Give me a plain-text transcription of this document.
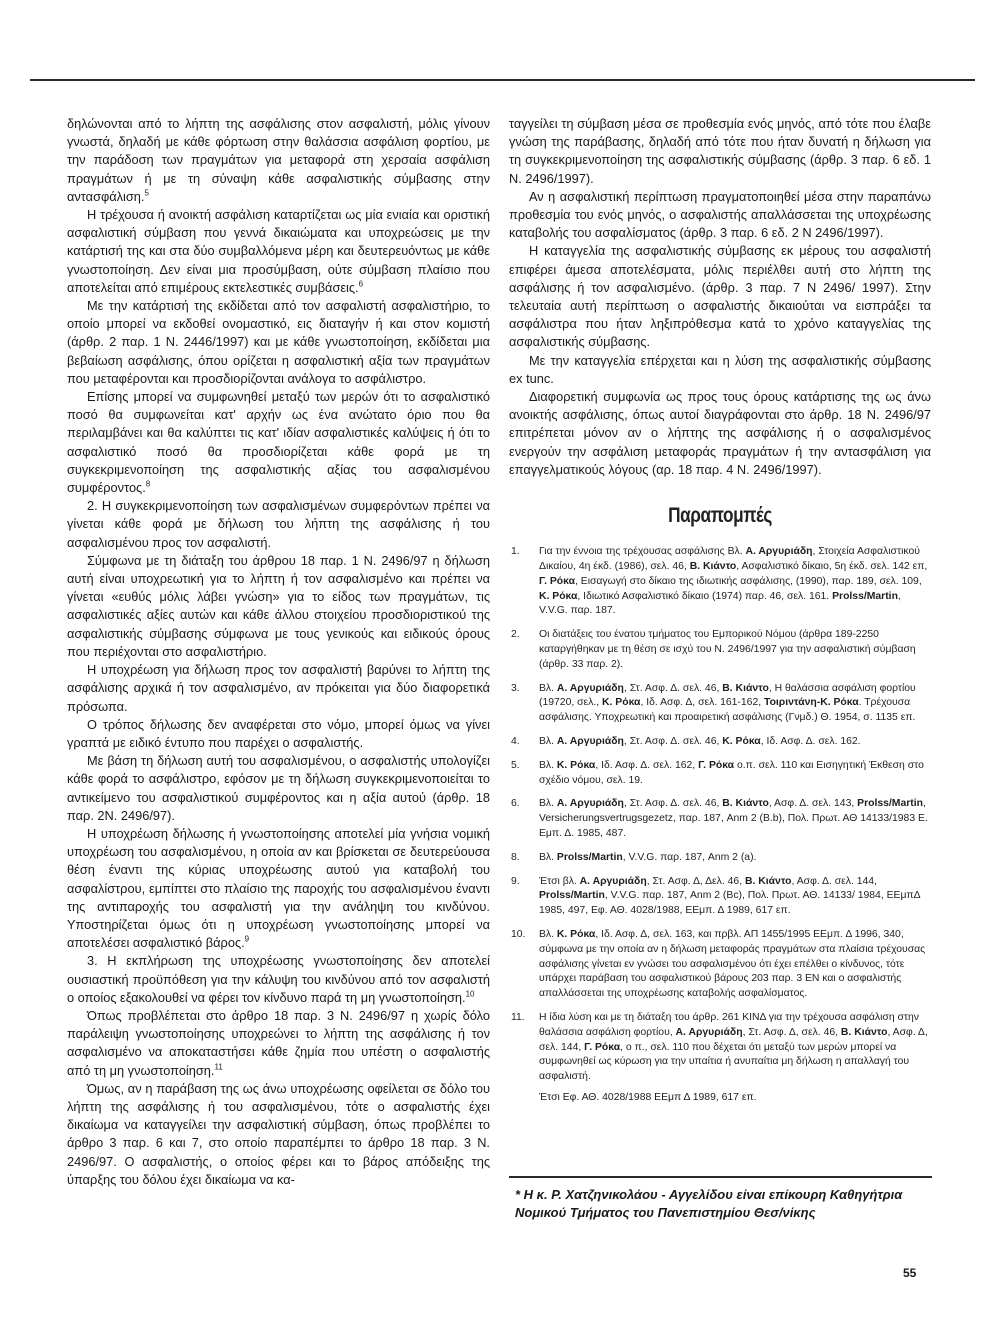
δηλώνονται από το λήπτη της ασφάλισης στον ασφαλιστή, μόλις γίνουν γνωστά, δηλαδή με κάθε φόρτωση στην θαλάσσια ασφάλιση φορτίου, με την παράδοση των πραγμάτων για μεταφορά στη χερσαία ασφάλιση πραγμάτων ή με τη σύναψη κάθε ασφαλιστικής σύμβασης στην αντασφάλιση.$^5$

Η τρέχουσα ή ανοικτή ασφάλιση καταρτίζεται ως μία ενιαία και οριστική ασφαλιστική σύμβαση που γεννά δικαιώματα και υποχρεώσεις με την κατάρτισή της και στα δύο συμβαλλόμενα μέρη και δευτερευόντως με κάθε γνωστοποίηση. Δεν είναι μια προσύμβαση, ούτε σύμβαση πλαίσιο που αποτελείται από επιμέρους εκτελεστικές συμβάσεις.$^6$

Με την κατάρτισή της εκδίδεται από τον ασφαλιστή ασφαλιστήριο, το οποίο μπορεί να εκδοθεί ονομαστικό, εις διαταγήν ή και στον κομιστή (άρθρ. 2 παρ. 1 Ν. 2446/1997) και με κάθε γνωστοποίηση, εκδίδεται μια βεβαίωση ασφάλισης, όπου ορίζεται η ασφαλιστική αξία των πραγμάτων που μεταφέρονται και προσδιορίζονται ανάλογα το ασφάλιστρο.

Επίσης μπορεί να συμφωνηθεί μεταξύ των μερών ότι το ασφαλιστικό ποσό θα συμφωνείται κατ' αρχήν ως ένα ανώτατο όριο που θα περιλαμβάνει και θα καλύπτει τις κατ' ιδίαν ασφαλιστικές καλύψεις ή ότι το ασφαλιστικό ποσό θα προσδιορίζεται κάθε φορά με τη συγκεκριμενοποίηση της ασφαλιστικής αξίας του ασφαλισμένου συμφέροντος.$^8$

2. Η συγκεκριμενοποίηση των ασφαλισμένων συμφερόντων πρέπει να γίνεται κάθε φορά με δήλωση του λήπτη της ασφάλισης ή του ασφαλισμένου προς τον ασφαλιστή.

Σύμφωνα με τη διάταξη του άρθρου 18 παρ. 1 Ν. 2496/97 η δήλωση αυτή είναι υποχρεωτική για το λήπτη ή τον ασφαλισμένο και πρέπει να γίνεται «ευθύς μόλις λάβει γνώση» για το είδος των πραγμάτων, τις ασφαλιστικές αξίες αυτών και κάθε άλλου στοιχείου προσδιοριστικού της ασφαλιστικής σύμβασης σύμφωνα με τους γενικούς και ειδικούς όρους που περιέχονται στο ασφαλιστήριο.

Η υποχρέωση για δήλωση προς τον ασφαλιστή βαρύνει το λήπτη της ασφάλισης αρχικά ή τον ασφαλισμένο, αν πρόκειται για δύο διαφορετικά πρόσωπα.

Ο τρόπος δήλωσης δεν αναφέρεται στο νόμο, μπορεί όμως να γίνει γραπτά με ειδικό έντυπο που παρέχει ο ασφαλιστής.

Με βάση τη δήλωση αυτή του ασφαλισμένου, ο ασφαλιστής υπολογίζει κάθε φορά το ασφάλιστρο, εφόσον με τη δήλωση συγκεκριμενοποιείται το αντικείμενο του ασφαλιστικού συμφέροντος και η αξία αυτού (άρθρ. 18 παρ. 2Ν. 2496/97).

Η υποχρέωση δήλωσης ή γνωστοποίησης αποτελεί μία γνήσια νομική υποχρέωση του ασφαλισμένου, η οποία αν και βρίσκεται σε δευτερεύουσα θέση έναντι της κύριας υποχρέωσης αυτού για καταβολή του ασφαλίστρου, εμπίπτει στο πλαίσιο της παροχής του ασφαλισμένου έναντι της αντιπαροχής του ασφαλιστή για την ανάληψη του κινδύνου. Υποστηρίζεται όμως ότι η υποχρέωση γνωστοποίησης μπορεί να αποτελέσει ασφαλιστικό βάρος.$^9$

3. Η εκπλήρωση της υποχρέωσης γνωστοποίησης δεν αποτελεί ουσιαστική προϋπόθεση για την κάλυψη του κινδύνου από τον ασφαλιστή ο οποίος εξακολουθεί να φέρει τον κίνδυνο παρά τη μη γνωστοποίηση.$^{10}$

Όπως προβλέπεται στο άρθρο 18 παρ. 3 Ν. 2496/97 η χωρίς δόλο παράλειψη γνωστοποίησης υποχρεώνει το λήπτη της ασφάλισης ή τον ασφαλισμένο να αποκαταστήσει κάθε ζημία που υπέστη ο ασφαλιστής από τη μη γνωστοποίηση.$^{11}$

Όμως, αν η παράβαση της ως άνω υποχρέωσης οφείλεται σε δόλο του λήπτη της ασφάλισης ή του ασφαλισμένου, τότε ο ασφαλιστής έχει δικαίωμα να καταγγείλει την ασφαλιστική σύμβαση, όπως προβλέπει το άρθρο 3 παρ. 6 και 7, στο οποίο παραπέμπει το άρθρο 18 παρ. 3 Ν. 2496/97. Ο ασφαλιστής, ο οποίος φέρει και το βάρος απόδειξης της ύπαρξης του δόλου έχει δικαίωμα να κα-

ταγγείλει τη σύμβαση μέσα σε προθεσμία ενός μηνός, από τότε που έλαβε γνώση της παράβασης, δηλαδή από τότε που ήταν δυνατή η δήλωση για τη συγκεκριμενοποίηση της ασφαλιστικής σύμβασης (άρθρ. 3 παρ. 6 εδ. 1 Ν. 2496/1997).

Αν η ασφαλιστική περίπτωση πραγματοποιηθεί μέσα στην παραπάνω προθεσμία του ενός μηνός, ο ασφαλιστής απαλλάσσεται της υποχρέωσης καταβολής του ασφαλίσματος (άρθρ. 3 παρ. 6 εδ. 2 Ν 2496/1997).

Η καταγγελία της ασφαλιστικής σύμβασης εκ μέρους του ασφαλιστή επιφέρει άμεσα αποτελέσματα, μόλις περιέλθει αυτή στο λήπτη της ασφάλισης ή τον ασφαλισμένο. (άρθρ. 3 παρ. 7 Ν 2496/ 1997). Στην τελευταία αυτή περίπτωση ο ασφαλιστής δικαιούται να εισπράξει τα ασφάλιστρα που ήταν ληξιπρόθεσμα κατά το χρόνο καταγγελίας της ασφαλιστικής σύμβασης.

Με την καταγγελία επέρχεται και η λύση της ασφαλιστικής σύμβασης ex tunc.

Διαφορετική συμφωνία ως προς τους όρους κατάρτισης της ως άνω ανοικτής ασφάλισης, όπως αυτοί διαγράφονται στο άρθρ. 18 Ν. 2496/97 επιτρέπεται μόνον αν ο λήπτης της ασφάλισης ή ο ασφαλισμένος ενεργούν την ασφάλιση μεταφοράς πραγμάτων ή την αντασφάλιση για επαγγελματικούς λόγους (αρ. 18 παρ. 4 Ν. 2496/1997).

Παραπομπές
1.	Για την έννοια της τρέχουσας ασφάλισης Βλ. Α. Αργυριάδη, Στοιχεία Ασφαλιστικού Δικαίου, 4η έκδ. (1986), σελ. 46, Β. Κιάντο, Ασφαλιστικό δίκαιο, 5η έκδ. σελ. 142 επ, Γ. Ρόκα, Εισαγωγή στο δίκαιο της ιδιωτικής ασφάλισης, (1990), παρ. 189, σελ. 109, Κ. Ρόκα, Ιδιωτικό Ασφαλιστικό δίκαιο (1974) παρ. 46, σελ. 161. Prolss/Martin, V.V.G. παρ. 187.
2.	Οι διατάξεις του ένατου τμήματος του Εμπορικού Νόμου (άρθρα 189-2250 καταργήθηκαν με τη θέση σε ισχύ του Ν. 2496/1997 για την ασφαλιστική σύμβαση (άρθρ. 33 παρ. 2).
3.	Βλ. Α. Αργυριάδη, Στ. Ασφ. Δ. σελ. 46, Β. Κιάντο, Η θαλάσσια ασφάλιση φορτίου (19720, σελ., Κ. Ρόκα, Ιδ. Ασφ. Δ, σελ. 161-162, Τοιριντάνη-Κ. Ρόκα. Τρέχουσα ασφάλισης. Υποχρεωτική και προαιρετική ασφάλισης (Γνμδ.) Θ. 1954, σ. 1135 επ.
4.	Βλ. Α. Αργυριάδη, Στ. Ασφ. Δ. σελ. 46, Κ. Ρόκα, Ιδ. Ασφ. Δ. σελ. 162.
5.	Βλ. Κ. Ρόκα, Ιδ. Ασφ. Δ. σελ. 162, Γ. Ρόκα ο.π. σελ. 110 και Εισηγητική Έκθεση στο σχέδιο νόμου, σελ. 19.
6.	Βλ. Α. Αργυριάδη, Στ. Ασφ. Δ. σελ. 46, Β. Κιάντο, Ασφ. Δ. σελ. 143, Prolss/Martin, Versicherungsvertrugsgezetz, παρ. 187, Anm 2 (B.b), Πολ. Πρωτ. ΑΘ 14133/1983 Ε. Εμπ. Δ. 1985, 487.
8.	Βλ. Prolss/Martin, V.V.G. παρ. 187, Anm 2 (a).
9.	Έτσι βλ. Α. Αργυριάδη, Στ. Ασφ. Δ, Δελ. 46, Β. Κιάντο, Ασφ. Δ. σελ. 144, Prolss/Martin, V.V.G. παρ. 187, Anm 2 (Bc), Πολ. Πρωτ. ΑΘ. 14133/ 1984, ΕΕμπΔ 1985, 497, Εφ. ΑΘ. 4028/1988, ΕΕμπ. Δ 1989, 617 επ.
10.	Βλ. Κ. Ρόκα, Ιδ. Ασφ. Δ, σελ. 163, και πρβλ. ΑΠ 1455/1995 ΕΕμπ. Δ 1996, 340, σύμφωνα με την οποία αν η δήλωση μεταφοράς πραγμάτων στα πλαίσια τρέχουσας ασφάλισης γίνεται εν γνώσει του ασφαλισμένου ότι έχει επέλθει ο κίνδυνος, τότε υπάρχει παράβαση του ασφαλιστικού βάρους 203 παρ. 3 ΕΝ και ο ασφαλιστής απαλλάσσεται της υποχρέωσης καταβολής ασφαλίσματος.
11.	Η ίδια λύση και με τη διάταξη του άρθρ. 261 ΚΙΝΔ για την τρέχουσα ασφάλιση στην θαλάσσια ασφάλιση φορτίου, Α. Αργυριάδη, Στ. Ασφ. Δ, σελ. 46, Β. Κιάντο, Ασφ. Δ, σελ. 144, Γ. Ρόκα, ο π., σελ. 110 που δέχεται ότι μεταξύ των μερών μπορεί να συμφωνηθεί ως κύρωση για την υπαίτια ή ανυπαίτια μη δήλωση η απαλλαγή του ασφαλιστή.
Έτσι Εφ. ΑΘ. 4028/1988 ΕΕμπ Δ 1989, 617 επ.
* Η κ. Ρ. Χατζηνικολάου - Αγγελίδου είναι επίκουρη Καθηγήτρια Νομικού Τμήματος του Πανεπιστημίου Θεσ/νίκης
55
